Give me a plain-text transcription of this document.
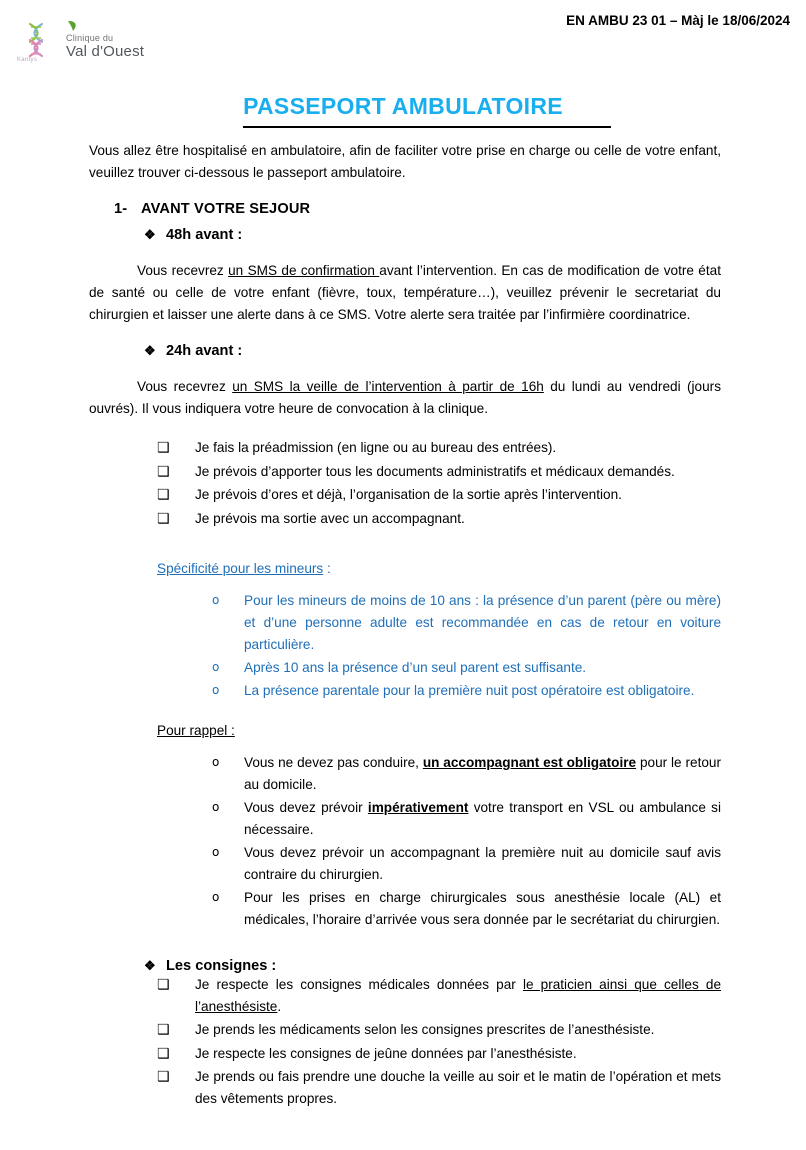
Kantys
Clinique du
Val d'Ouest
EN AMBU 23 01 – Màj le 18/06/2024
PASSEPORT AMBULATOIRE

Vous allez être hospitalisé en ambulatoire, afin de faciliter votre prise en charge ou celle de votre enfant, veuillez trouver ci-dessous le passeport ambulatoire.

1- AVANT VOTRE SEJOUR
❖ 48h avant :

Vous recevrez un SMS de confirmation avant l’intervention. En cas de modification de votre état de santé ou celle de votre enfant (fièvre, toux, température…), veuillez prévenir le secretariat du chirurgien et laisser une alerte dans à ce SMS. Votre alerte sera traitée par l’infirmière coordinatrice.

❖ 24h avant :

Vous recevrez un SMS la veille de l’intervention à partir de 16h du lundi au vendredi (jours ouvrés). Il vous indiquera votre heure de convocation à la clinique.

❑	Je fais la préadmission (en ligne ou au bureau des entrées).
❑	Je prévois d’apporter tous les documents administratifs et médicaux demandés.
❑	Je prévois d’ores et déjà, l’organisation de la sortie après l’intervention.
❑	Je prévois ma sortie avec un accompagnant.
Spécificité pour les mineurs :
o	Pour les mineurs de moins de 10 ans : la présence d’un parent (père ou mère) et d’une personne adulte est recommandée en cas de retour en voiture particulière.
o	Après 10 ans la présence d’un seul parent est suffisante.
o	La présence parentale pour la première nuit post opératoire est obligatoire.
Pour rappel :
o	Vous ne devez pas conduire, un accompagnant est obligatoire pour le retour au domicile.
o	Vous devez prévoir impérativement votre transport en VSL ou ambulance si nécessaire.
o	Vous devez prévoir un accompagnant la première nuit au domicile sauf avis contraire du chirurgien.
o	Pour les prises en charge chirurgicales sous anesthésie locale (AL) et médicales, l’horaire d’arrivée vous sera donnée par le secrétariat du chirurgien.
❖ Les consignes :
❑	Je respecte les consignes médicales données par le praticien ainsi que celles de l’anesthésiste.
❑	Je prends les médicaments selon les consignes prescrites de l’anesthésiste.
❑	Je respecte les consignes de jeûne données par l’anesthésiste.
❑	Je prends ou fais prendre une douche la veille au soir et le matin de l’opération et mets des vêtements propres.
